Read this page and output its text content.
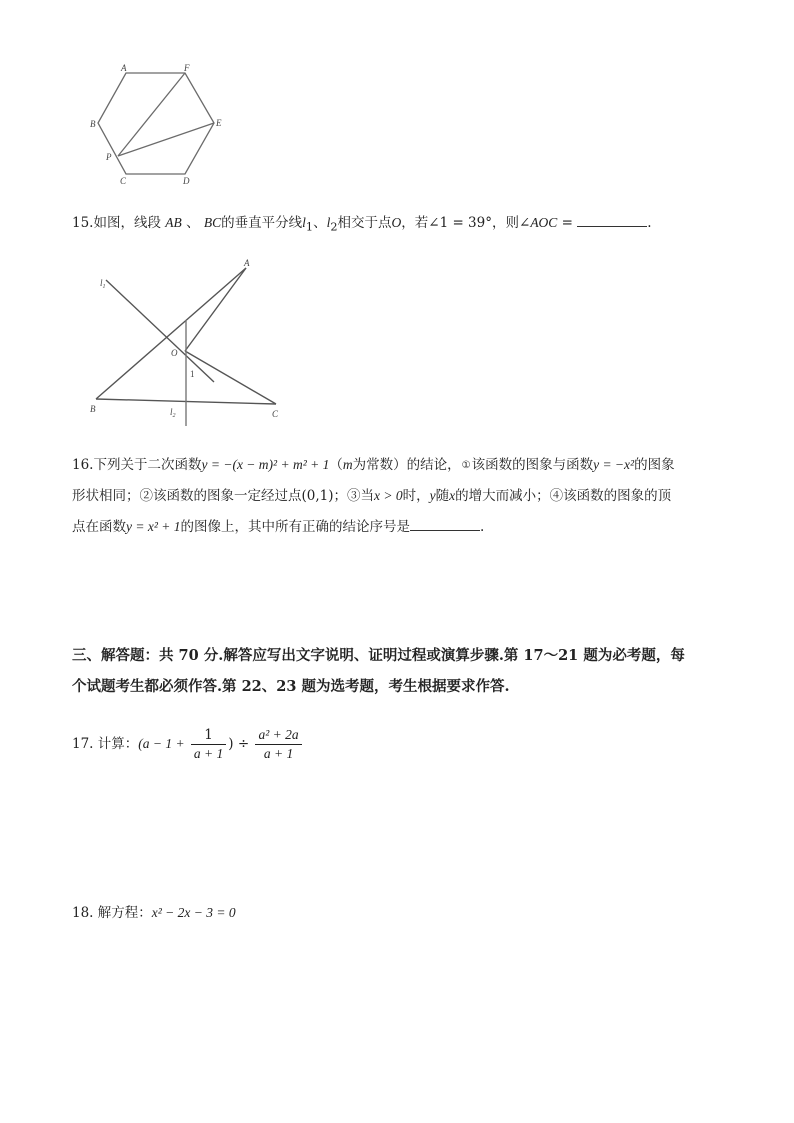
A	F
B	E
P
C	D
15.如图，线段 AB 、 BC的垂直平分线$l_1$、$l_2$相交于点O，若∠1 = 39°，则∠AOC =	.
$l_1$
A
O
1
B	$l_2$	C
16.下列关于二次函数y = −(x − m)² + m² + 1（m为常数）的结论，①该函数的图象与函数y = −x²的图象
形状相同；②该函数的图象一定经过点(0,1)；③当x > 0时，y随x的增大而减小；④该函数的图象的顶
点在函数y = x² + 1的图像上，其中所有正确的结论序号是	.
三、解答题：共 70 分.解答应写出文字说明、证明过程或演算步骤.第 17～21 题为必考题，每
个试题考生都必须作答.第 22、23 题为选考题，考生根据要求作答.
17. 计算：($a - 1 + \frac{1}{a + 1}$ ) ÷ $\frac{\text{a² + 2a}}{a + 1}$
18. 解方程：x² − 2x − 3 = 0
